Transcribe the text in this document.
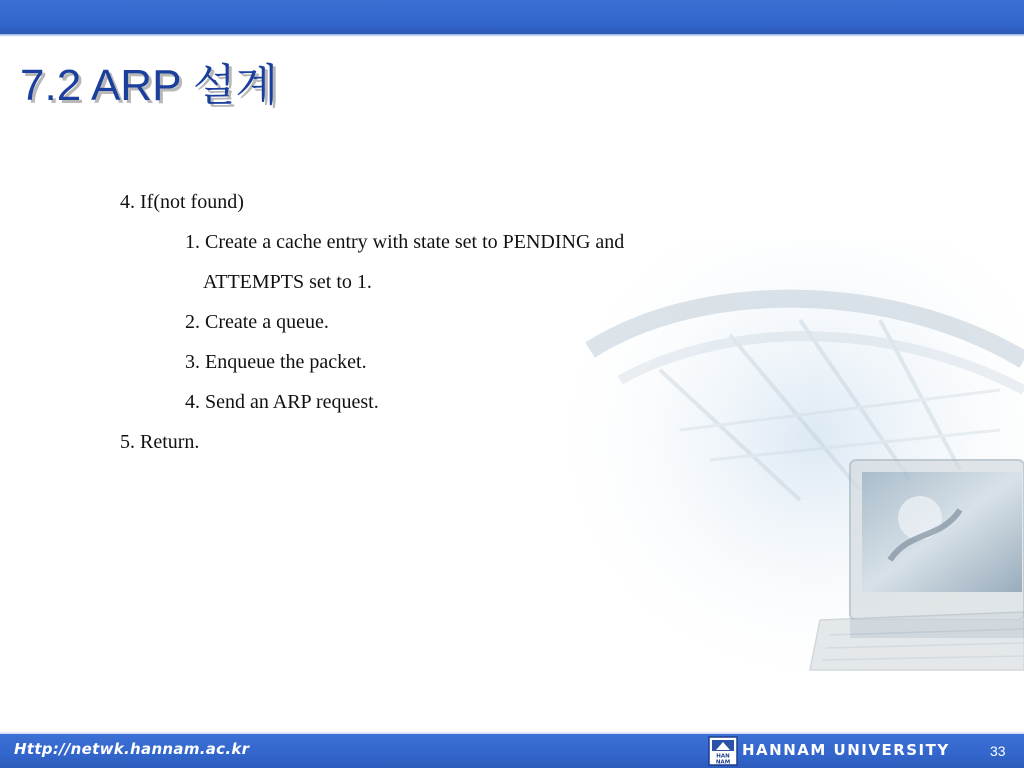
7.2 ARP 설계
4. If(not found)
1. Create a cache entry with state set to PENDING and
ATTEMPTS set to 1.
2. Create a queue.
3. Enqueue the packet.
4. Send an ARP request.
5. Return.
Http://netwk.hannam.ac.kr	HAN
NAM
HANNAM UNIVERSITY	33
